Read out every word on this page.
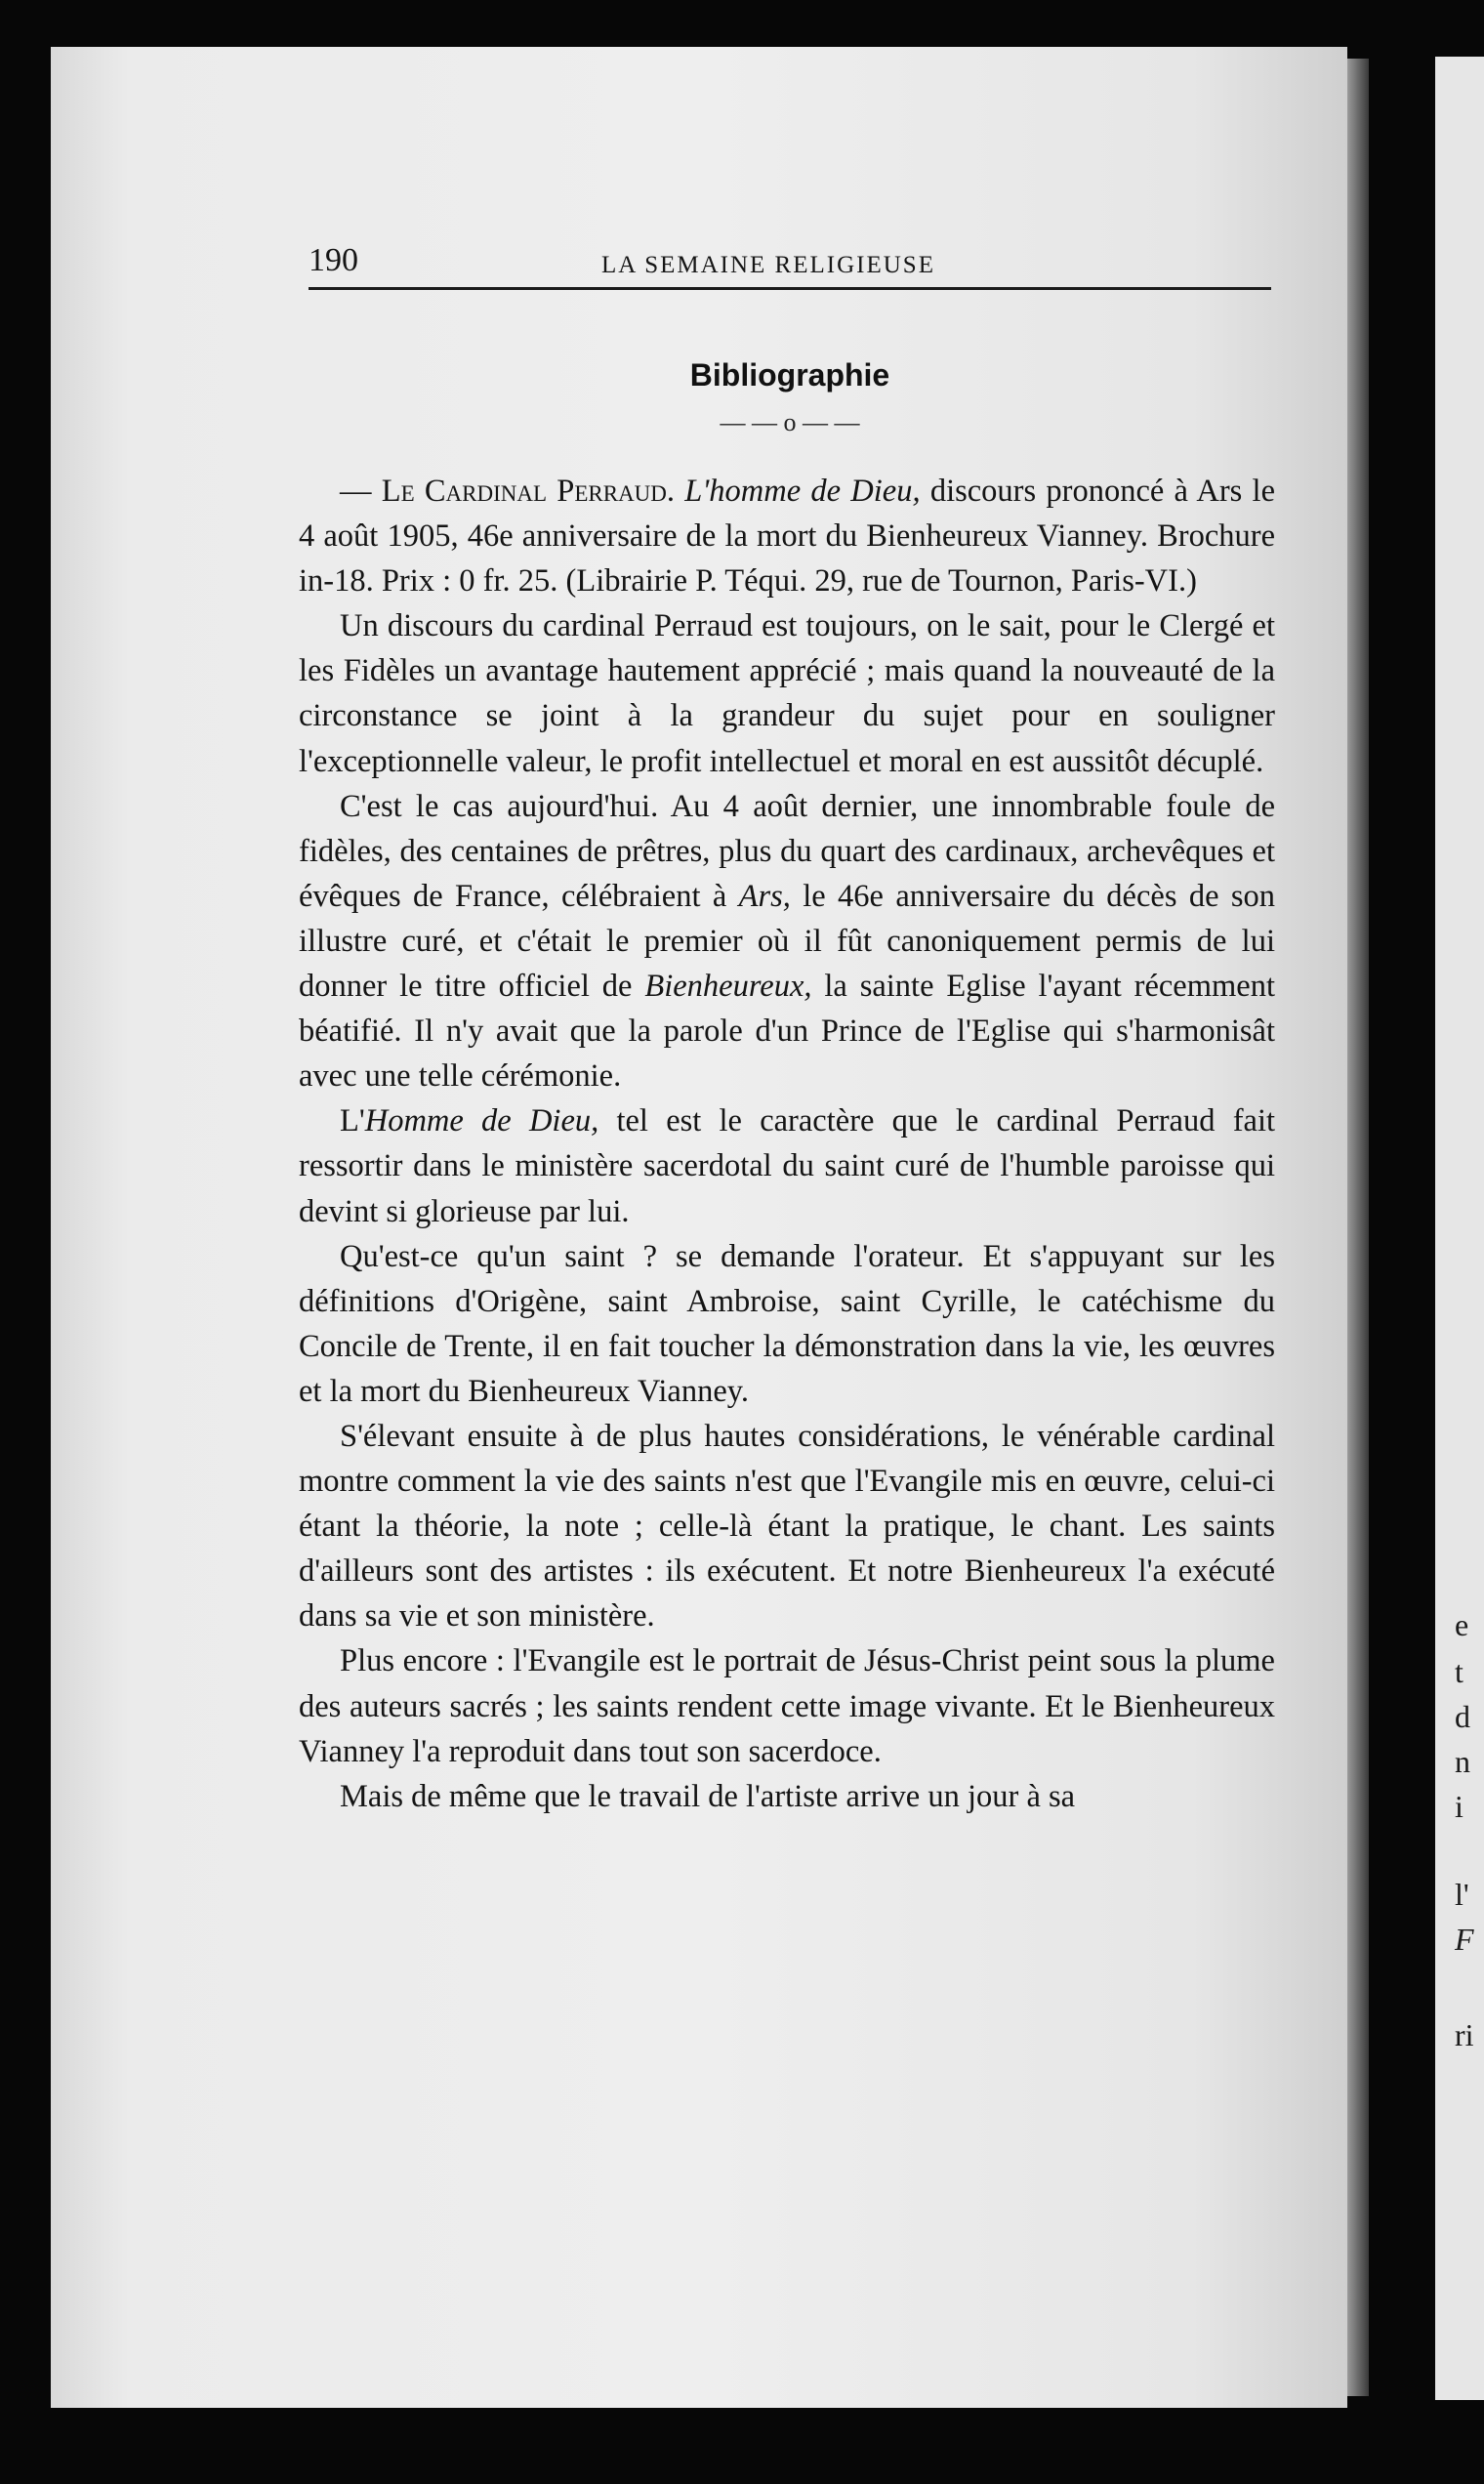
e

t

d

n

i

l'

F

ri

190	LA SEMAINE RELIGIEUSE

Bibliographie

— — o — —

— Le Cardinal Perraud. L'homme de Dieu, discours prononcé à Ars le 4 août 1905, 46e anniversaire de la mort du Bienheureux Vianney. Brochure in-18. Prix : 0 fr. 25. (Librairie P. Téqui. 29, rue de Tournon, Paris-VI.)

Un discours du cardinal Perraud est toujours, on le sait, pour le Clergé et les Fidèles un avantage hautement apprécié ; mais quand la nouveauté de la circonstance se joint à la grandeur du sujet pour en souligner l'exceptionnelle valeur, le profit intellectuel et moral en est aussitôt décuplé.

C'est le cas aujourd'hui. Au 4 août dernier, une innombrable foule de fidèles, des centaines de prêtres, plus du quart des cardinaux, archevêques et évêques de France, célébraient à Ars, le 46e anniversaire du décès de son illustre curé, et c'était le premier où il fût canoniquement permis de lui donner le titre officiel de Bienheureux, la sainte Eglise l'ayant récemment béatifié. Il n'y avait que la parole d'un Prince de l'Eglise qui s'harmonisât avec une telle cérémonie.

L'Homme de Dieu, tel est le caractère que le cardinal Perraud fait ressortir dans le ministère sacerdotal du saint curé de l'humble paroisse qui devint si glorieuse par lui.

Qu'est-ce qu'un saint ? se demande l'orateur. Et s'appuyant sur les définitions d'Origène, saint Ambroise, saint Cyrille, le catéchisme du Concile de Trente, il en fait toucher la démonstration dans la vie, les œuvres et la mort du Bienheureux Vianney.

S'élevant ensuite à de plus hautes considérations, le vénérable cardinal montre comment la vie des saints n'est que l'Evangile mis en œuvre, celui-ci étant la théorie, la note ; celle-là étant la pratique, le chant. Les saints d'ailleurs sont des artistes : ils exécutent. Et notre Bienheureux l'a exécuté dans sa vie et son ministère.

Plus encore : l'Evangile est le portrait de Jésus-Christ peint sous la plume des auteurs sacrés ; les saints rendent cette image vivante. Et le Bienheureux Vianney l'a reproduit dans tout son sacerdoce.

Mais de même que le travail de l'artiste arrive un jour à sa
